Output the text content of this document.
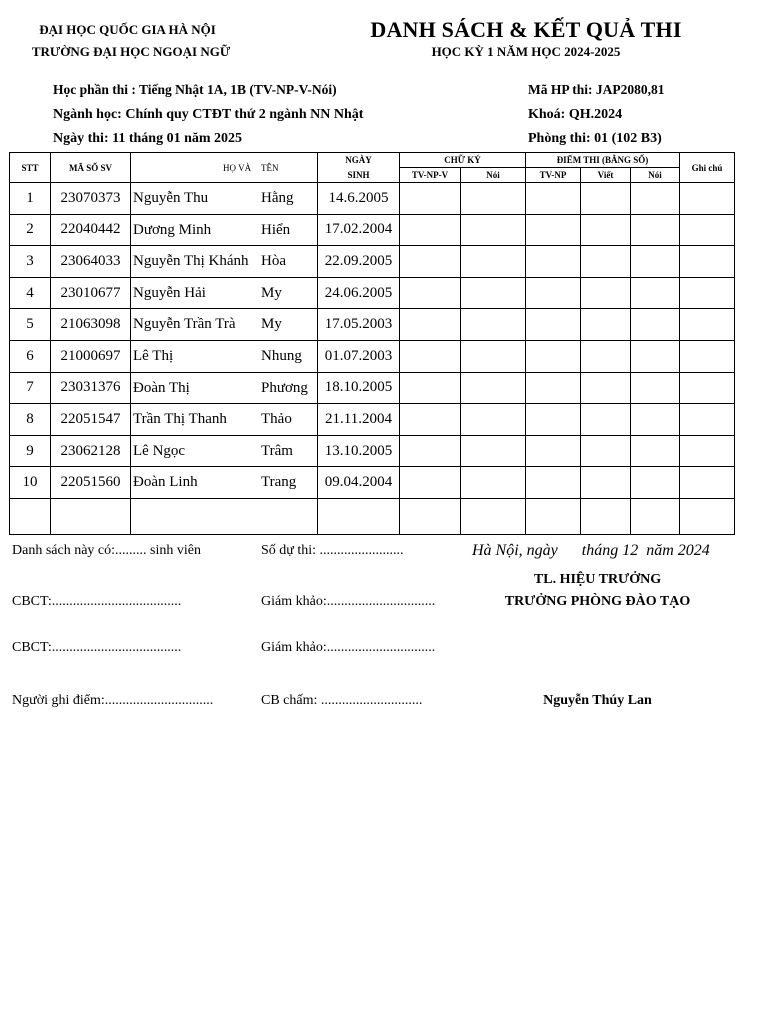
ĐẠI HỌC QUỐC GIA HÀ NỘI
TRƯỜNG ĐẠI HỌC NGOẠI NGỮ
DANH SÁCH & KẾT QUẢ THI
HỌC KỲ 1 NĂM HỌC 2024-2025
Học phần thi : Tiếng Nhật 1A, 1B (TV-NP-V-Nói)	Mã HP thi: JAP2080,81
Ngành học: Chính quy CTĐT thứ 2 ngành NN Nhật	Khoá: QH.2024
Ngày thi: 11 tháng 01 năm 2025	Phòng thi: 01 (102 B3)
STT	MÃ SỐ SV	HỌ VÀ TÊN	NGÀY	CHỮ KÝ		ĐIỂM THI (BẰNG SỐ)			Ghi chú
			SINH	TV-NP-V	Nói	TV-NP	Viết	Nói	
1	23070373	Nguyễn Thu Hằng	14.6.2005						
2	22040442	Dương Minh Hiển	17.02.2004						
3	23064033	Nguyễn Thị Khánh Hòa	22.09.2005						
4	23010677	Nguyễn Hải My	24.06.2005						
5	21063098	Nguyễn Trần Trà My	17.05.2003						
6	21000697	Lê Thị Nhung	01.07.2003						
7	23031376	Đoàn Thị Phương	18.10.2005						
8	22051547	Trần Thị Thanh Thảo	21.11.2004						
9	23062128	Lê Ngọc Trâm	13.10.2005						
10	22051560	Đoàn Linh Trang	09.04.2004						

Danh sách này có:......... sinh viên	Số dự thi: ........................	Hà Nội, ngày      tháng 12  năm 2024
TL. HIỆU TRƯỞNG
TRƯỞNG PHÒNG ĐÀO TẠO
CBCT:.....................................	Giám khảo:...............................
CBCT:.....................................	Giám khảo:...............................
Người ghi điểm:...............................	CB chấm: .............................	Nguyễn Thúy Lan
